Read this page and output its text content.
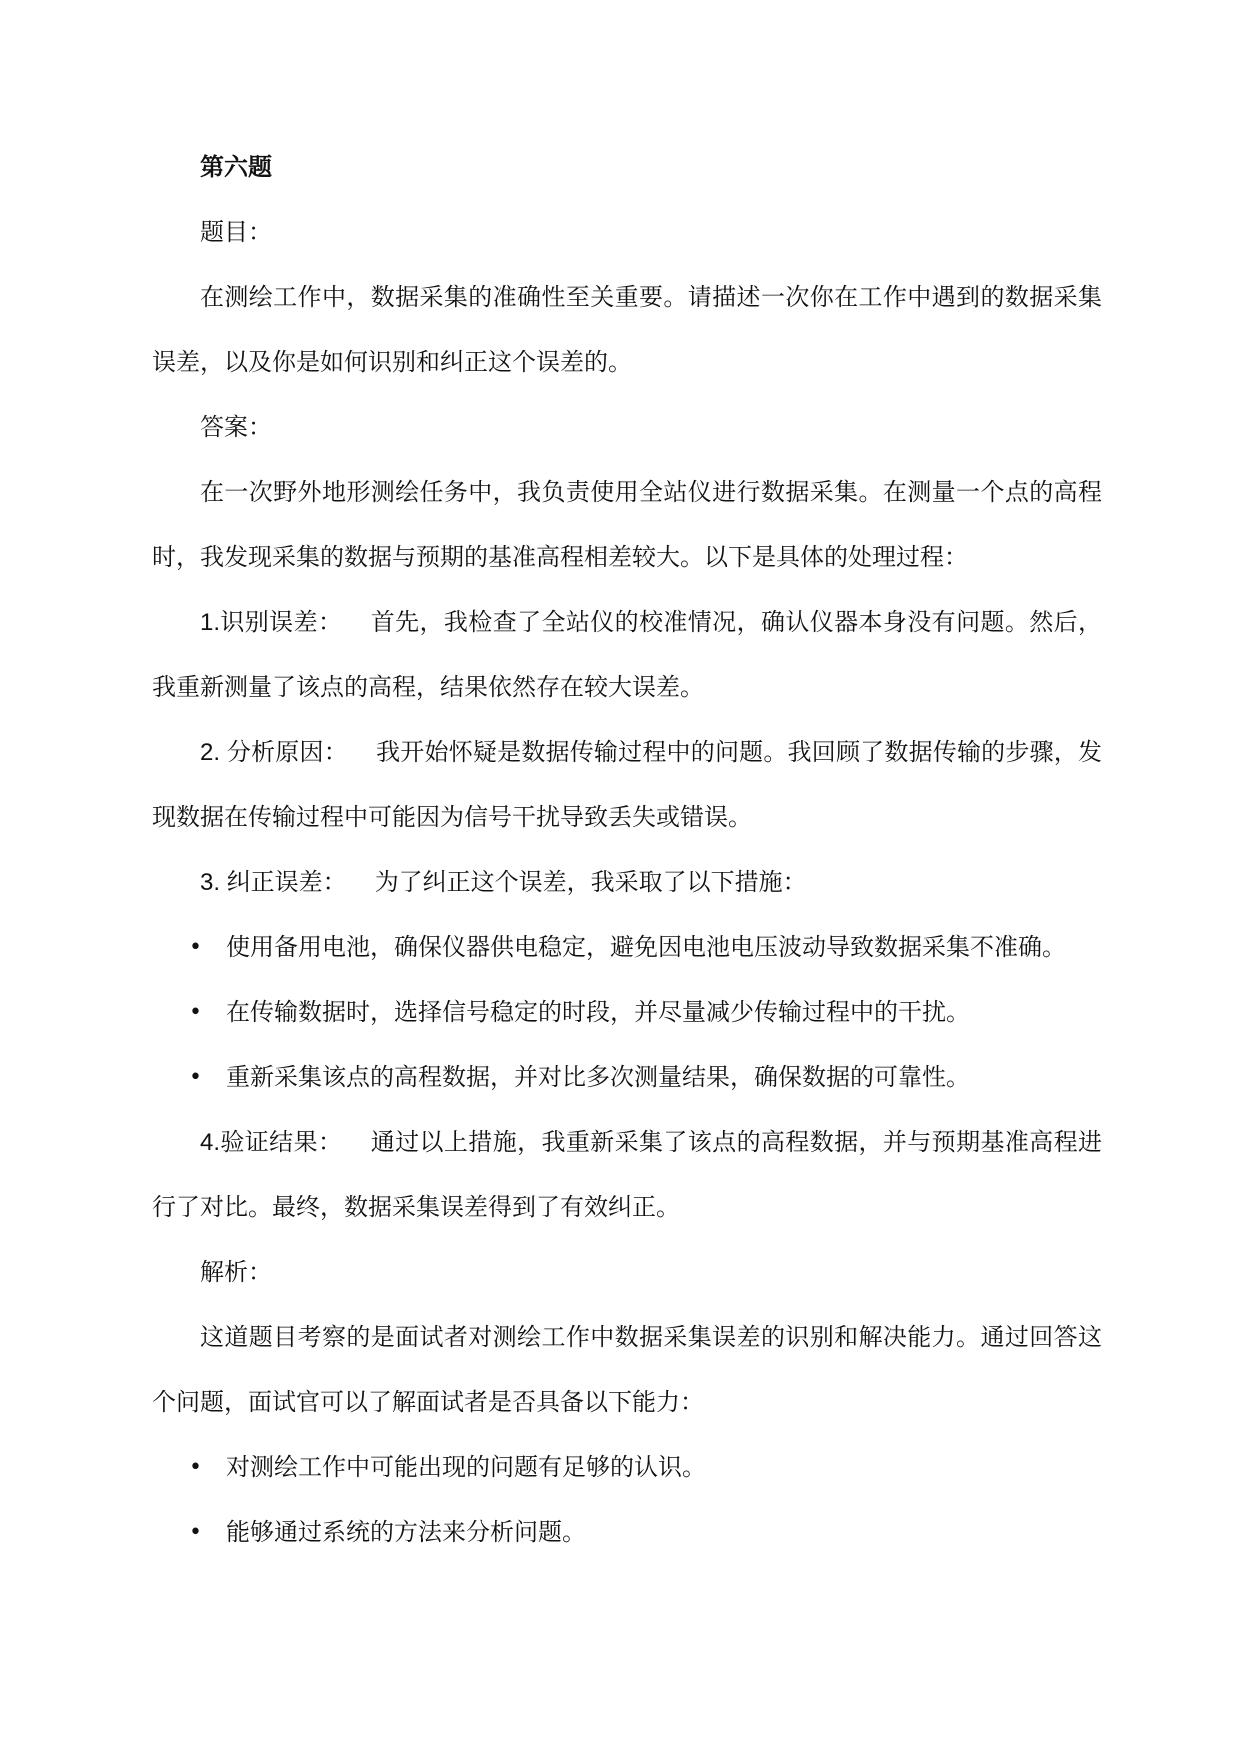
第六题

题目：

在测绘工作中，数据采集的准确性至关重要。请描述一次你在工作中遇到的数据采集误差，以及你是如何识别和纠正这个误差的。

答案：

在一次野外地形测绘任务中，我负责使用全站仪进行数据采集。在测量一个点的高程时，我发现采集的数据与预期的基准高程相差较大。以下是具体的处理过程：

1.识别误差： 首先，我检查了全站仪的校准情况，确认仪器本身没有问题。然后，我重新测量了该点的高程，结果依然存在较大误差。

2. 分析原因： 我开始怀疑是数据传输过程中的问题。我回顾了数据传输的步骤，发现数据在传输过程中可能因为信号干扰导致丢失或错误。

3. 纠正误差： 为了纠正这个误差，我采取了以下措施：

• 使用备用电池，确保仪器供电稳定，避免因电池电压波动导致数据采集不准确。
• 在传输数据时，选择信号稳定的时段，并尽量减少传输过程中的干扰。
• 重新采集该点的高程数据，并对比多次测量结果，确保数据的可靠性。

4.验证结果： 通过以上措施，我重新采集了该点的高程数据，并与预期基准高程进行了对比。最终，数据采集误差得到了有效纠正。

解析：

这道题目考察的是面试者对测绘工作中数据采集误差的识别和解决能力。通过回答这个问题，面试官可以了解面试者是否具备以下能力：

• 对测绘工作中可能出现的问题有足够的认识。
• 能够通过系统的方法来分析问题。
